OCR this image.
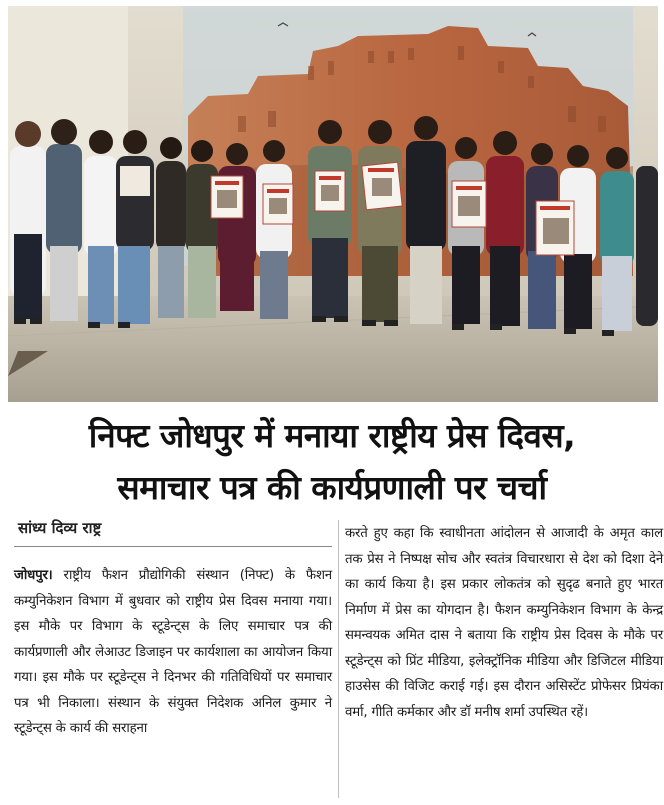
निफ्ट जोधपुर में मनाया राष्ट्रीय प्रेस दिवस,
समाचार पत्र की कार्यप्रणाली पर चर्चा
सांध्य दिव्य राष्ट्र
जोधपुर। राष्ट्रीय फैशन प्रौद्योगिकी संस्थान (निफ्ट) के फैशन कम्युनिकेशन विभाग में बुधवार को राष्ट्रीय प्रेस दिवस मनाया गया। इस मौके पर विभाग के स्टूडेन्ट्स के लिए समाचार पत्र की कार्यप्रणाली और लेआउट डिजाइन पर कार्यशाला का आयोजन किया गया। इस मौके पर स्टूडेन्ट्स ने दिनभर की गतिविधियों पर समाचार पत्र भी निकाला। संस्थान के संयुक्त निदेशक अनिल कुमार ने स्टूडेन्ट्स के कार्य की सराहना
करते हुए कहा कि स्वाधीनता आंदोलन से आजादी के अमृत काल तक प्रेस ने निष्पक्ष सोच और स्वतंत्र विचारधारा से देश को दिशा देने का कार्य किया है। इस प्रकार लोकतंत्र को सुदृढ बनाते हुए भारत निर्माण में प्रेस का योगदान है। फैशन कम्युनिकेशन विभाग के केन्द्र समन्वयक अमित दास ने बताया कि राष्ट्रीय प्रेस दिवस के मौके पर स्टूडेन्ट्स को प्रिंट मीडिया, इलेक्ट्रॉनिक मीडिया और डिजिटल मीडिया हाउसेस की विजिट कराई गई। इस दौरान असिस्टेंट प्रोफेसर प्रियंका वर्मा, गीति कर्मकार और डॉ मनीष शर्मा उपस्थित रहें।
